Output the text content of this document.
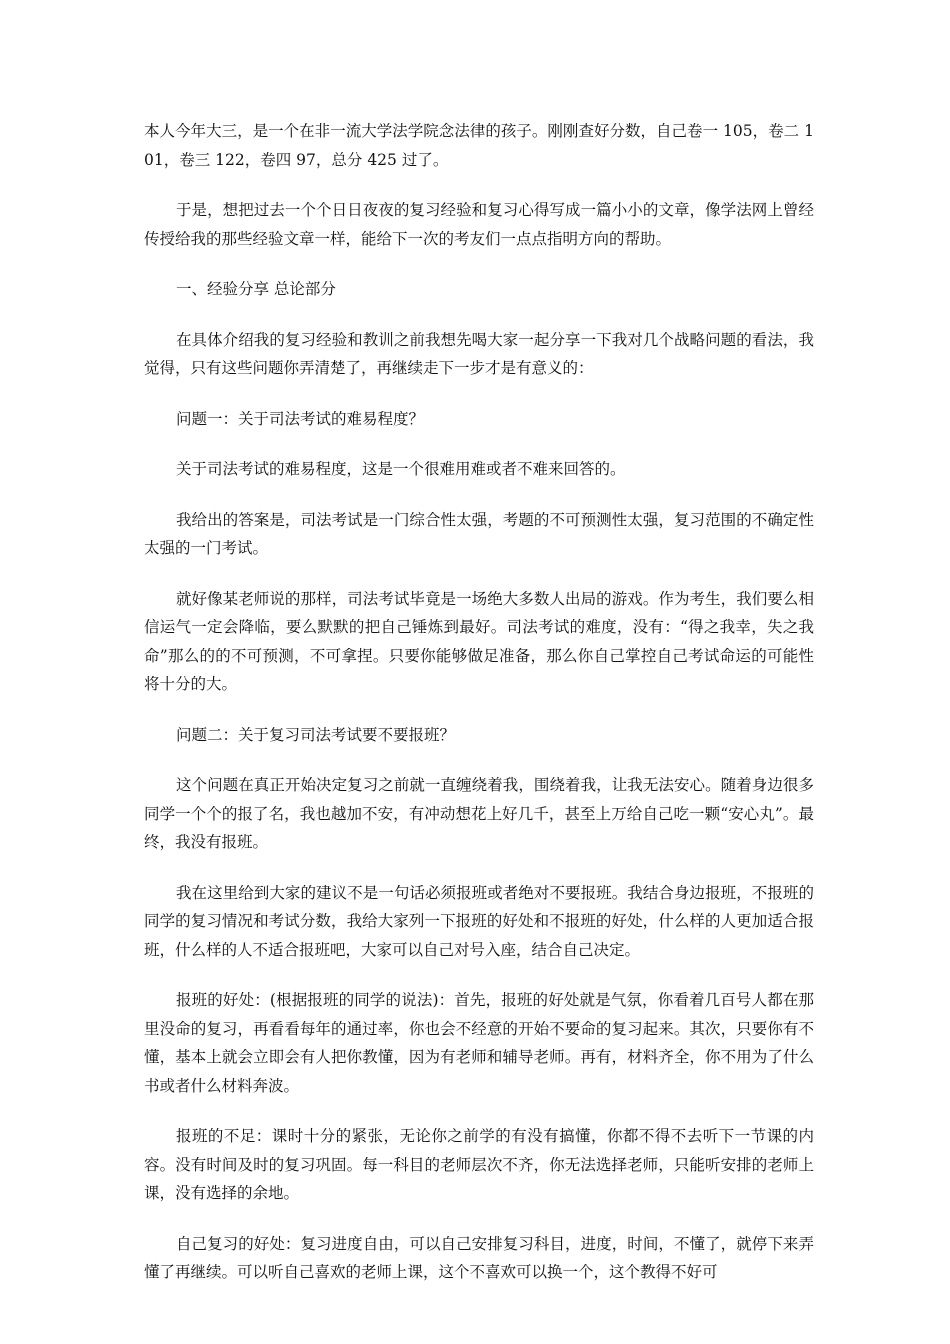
本人今年大三，是一个在非一流大学法学院念法律的孩子。刚刚查好分数，自己卷一 105，卷二 101，卷三 122，卷四 97，总分 425 过了。

于是，想把过去一个个日日夜夜的复习经验和复习心得写成一篇小小的文章，像学法网上曾经传授给我的那些经验文章一样，能给下一次的考友们一点点指明方向的帮助。

一、经验分享 总论部分

在具体介绍我的复习经验和教训之前我想先喝大家一起分享一下我对几个战略问题的看法，我觉得，只有这些问题你弄清楚了，再继续走下一步才是有意义的：

问题一：关于司法考试的难易程度？

关于司法考试的难易程度，这是一个很难用难或者不难来回答的。

我给出的答案是，司法考试是一门综合性太强，考题的不可预测性太强，复习范围的不确定性太强的一门考试。

就好像某老师说的那样，司法考试毕竟是一场绝大多数人出局的游戏。作为考生，我们要么相信运气一定会降临，要么默默的把自己锤炼到最好。司法考试的难度，没有：“得之我幸，失之我命”那么的的不可预测，不可拿捏。只要你能够做足准备，那么你自己掌控自己考试命运的可能性将十分的大。

问题二：关于复习司法考试要不要报班？

这个问题在真正开始决定复习之前就一直缠绕着我，围绕着我，让我无法安心。随着身边很多同学一个个的报了名，我也越加不安，有冲动想花上好几千，甚至上万给自己吃一颗“安心丸”。最终，我没有报班。

我在这里给到大家的建议不是一句话必须报班或者绝对不要报班。我结合身边报班，不报班的同学的复习情况和考试分数，我给大家列一下报班的好处和不报班的好处，什么样的人更加适合报班，什么样的人不适合报班吧，大家可以自己对号入座，结合自己决定。

报班的好处：(根据报班的同学的说法)：首先，报班的好处就是气氛，你看着几百号人都在那里没命的复习，再看看每年的通过率，你也会不经意的开始不要命的复习起来。其次，只要你有不懂，基本上就会立即会有人把你教懂，因为有老师和辅导老师。再有，材料齐全，你不用为了什么书或者什么材料奔波。

报班的不足：课时十分的紧张，无论你之前学的有没有搞懂，你都不得不去听下一节课的内容。没有时间及时的复习巩固。每一科目的老师层次不齐，你无法选择老师，只能听安排的老师上课，没有选择的余地。

自己复习的好处：复习进度自由，可以自己安排复习科目，进度，时间，不懂了，就停下来弄懂了再继续。可以听自己喜欢的老师上课，这个不喜欢可以换一个，这个教得不好可
